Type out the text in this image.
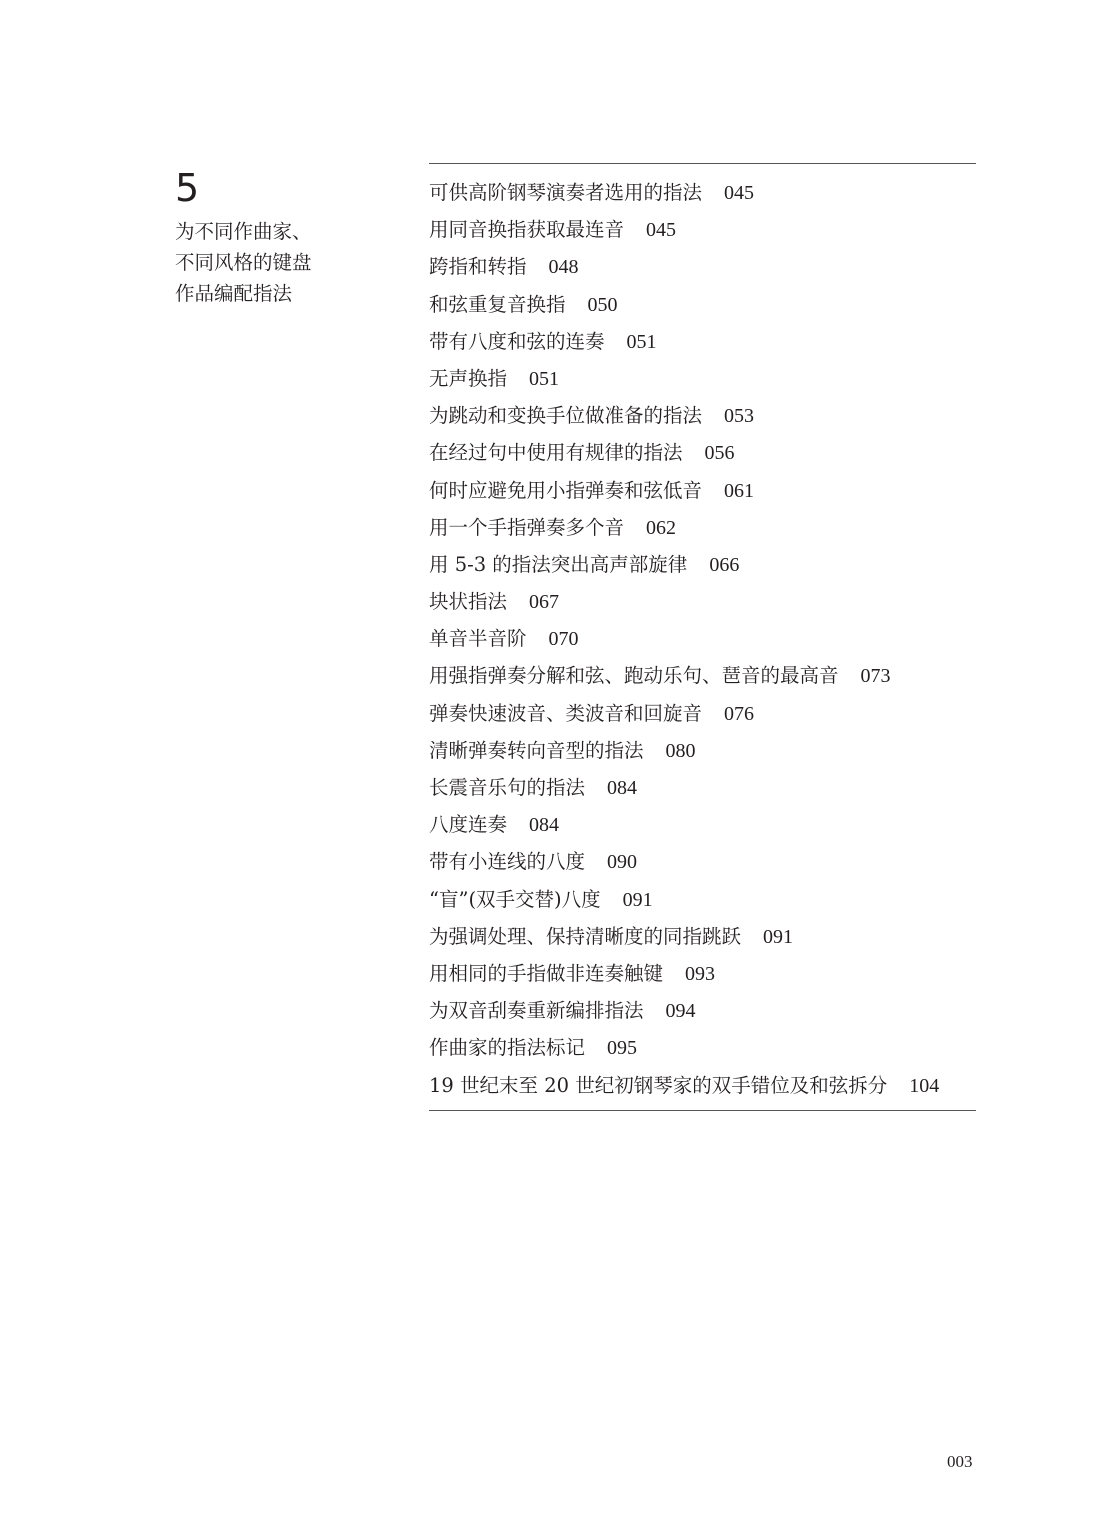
5
为不同作曲家、
不同风格的键盘
作品编配指法
可供高阶钢琴演奏者选用的指法 045
用同音换指获取最连音 045
跨指和转指 048
和弦重复音换指 050
带有八度和弦的连奏 051
无声换指 051
为跳动和变换手位做准备的指法 053
在经过句中使用有规律的指法 056
何时应避免用小指弹奏和弦低音 061
用一个手指弹奏多个音 062
用 5-3 的指法突出高声部旋律 066
块状指法 067
单音半音阶 070
用强指弹奏分解和弦、跑动乐句、琶音的最高音 073
弹奏快速波音、类波音和回旋音 076
清晰弹奏转向音型的指法 080
长震音乐句的指法 084
八度连奏 084
带有小连线的八度 090
“盲”(双手交替)八度 091
为强调处理、保持清晰度的同指跳跃 091
用相同的手指做非连奏触键 093
为双音刮奏重新编排指法 094
作曲家的指法标记 095
19 世纪末至 20 世纪初钢琴家的双手错位及和弦拆分 104
003
